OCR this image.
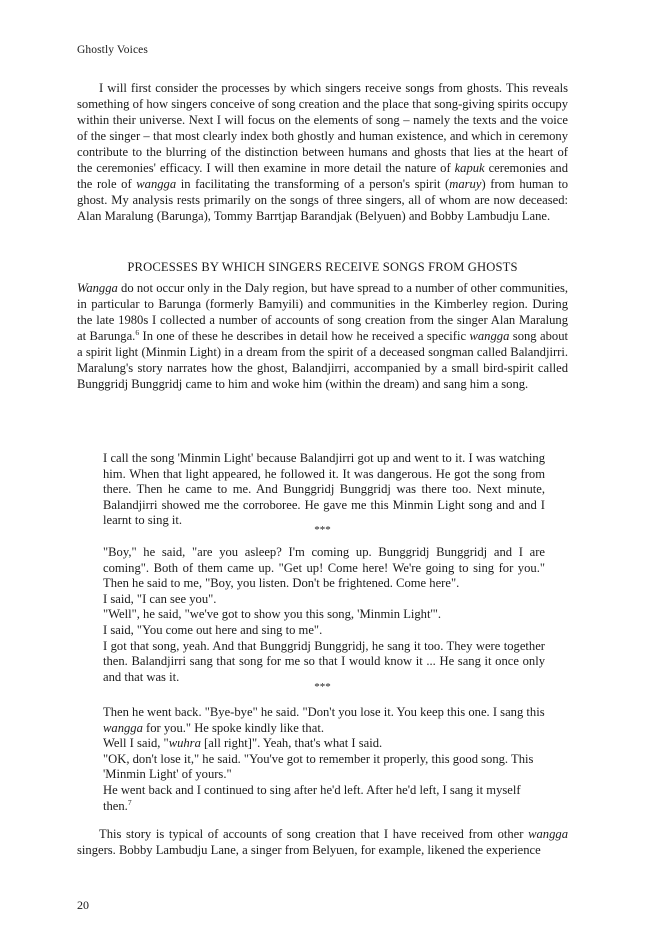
Ghostly Voices

I will first consider the processes by which singers receive songs from ghosts. This reveals something of how singers conceive of song creation and the place that song-giving spirits occupy within their universe. Next I will focus on the elements of song – namely the texts and the voice of the singer – that most clearly index both ghostly and human existence, and which in ceremony contribute to the blurring of the distinction between humans and ghosts that lies at the heart of the ceremonies' efficacy. I will then examine in more detail the nature of kapuk ceremonies and the role of wangga in facilitating the transforming of a person's spirit (maruy) from human to ghost. My analysis rests primarily on the songs of three singers, all of whom are now deceased: Alan Maralung (Barunga), Tommy Barrtjap Barandjak (Belyuen) and Bobby Lambudju Lane.

PROCESSES BY WHICH SINGERS RECEIVE SONGS FROM GHOSTS

Wangga do not occur only in the Daly region, but have spread to a number of other communities, in particular to Barunga (formerly Bamyili) and communities in the Kimberley region. During the late 1980s I collected a number of accounts of song creation from the singer Alan Maralung at Barunga.$^6$ In one of these he describes in detail how he received a specific wangga song about a spirit light (Minmin Light) in a dream from the spirit of a deceased songman called Balandjirri. Maralung's story narrates how the ghost, Balandjirri, accompanied by a small bird-spirit called Bunggridj Bunggridj came to him and woke him (within the dream) and sang him a song.

I call the song 'Minmin Light' because Balandjirri got up and went to it. I was watching him. When that light appeared, he followed it. It was dangerous. He got the song from there. Then he came to me. And Bunggridj Bunggridj was there too. Next minute, Balandjirri showed me the corroboree. He gave me this Minmin Light song and and I learnt to sing it.

***

"Boy," he said, "are you asleep? I'm coming up. Bunggridj Bunggridj and I are coming". Both of them came up. "Get up! Come here! We're going to sing for you." Then he said to me, "Boy, you listen. Don't be frightened. Come here".
I said, "I can see you".
"Well", he said, "we've got to show you this song, 'Minmin Light'".
I said, "You come out here and sing to me".
I got that song, yeah. And that Bunggridj Bunggridj, he sang it too. They were together then. Balandjirri sang that song for me so that I would know it ... He sang it once only and that was it.

***

Then he went back. "Bye-bye" he said. "Don't you lose it. You keep this one. I sang this wangga for you." He spoke kindly like that.
Well I said, "wuhra [all right]". Yeah, that's what I said.
"OK, don't lose it," he said. "You've got to remember it properly, this good song. This 'Minmin Light' of yours."
He went back and I continued to sing after he'd left. After he'd left, I sang it myself then.$^7$

This story is typical of accounts of song creation that I have received from other wangga singers. Bobby Lambudju Lane, a singer from Belyuen, for example, likened the experience

20
